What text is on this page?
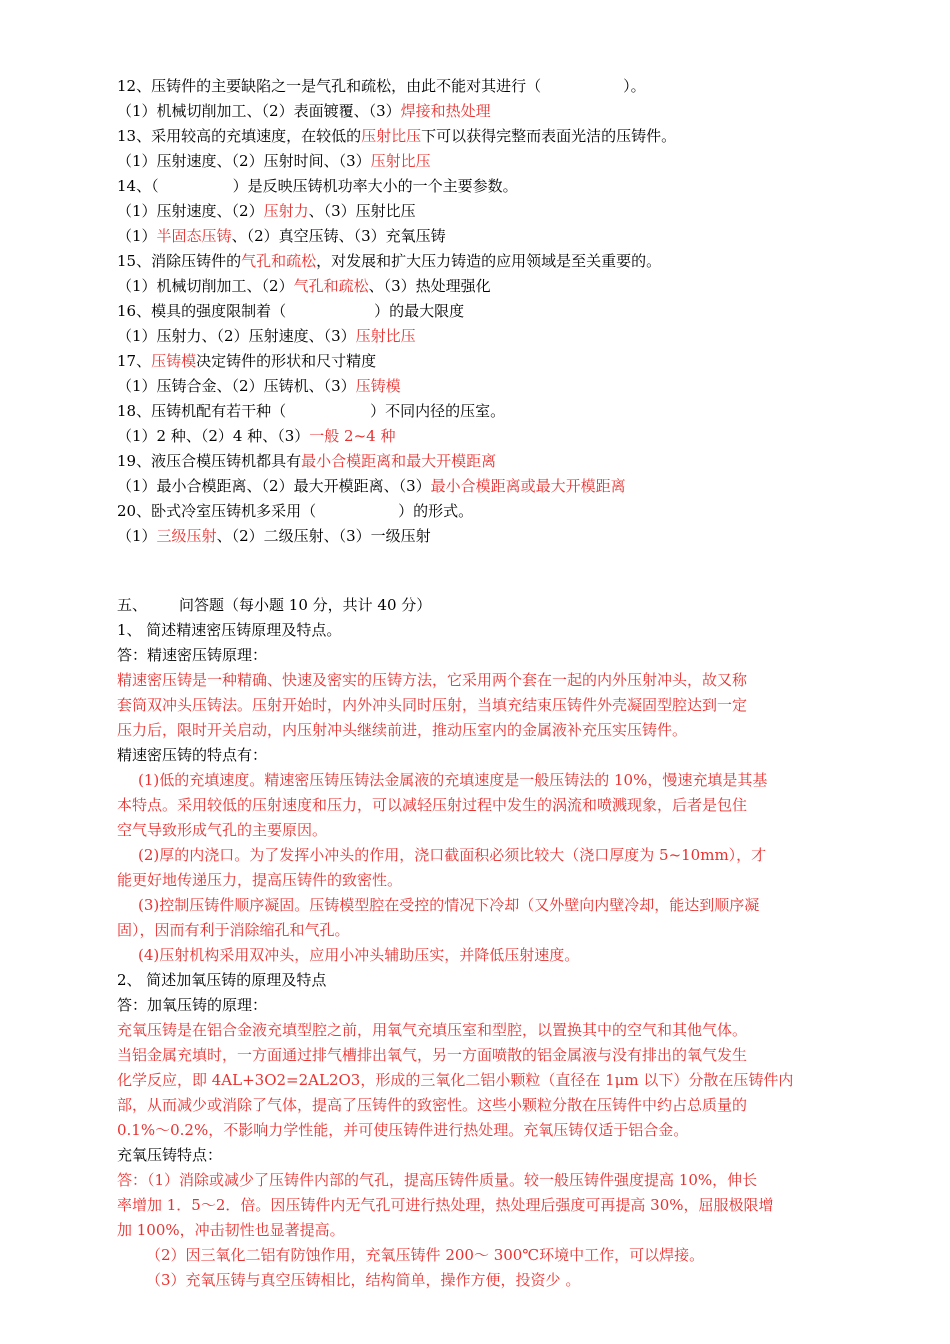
12、压铸件的主要缺陷之一是气孔和疏松，由此不能对其进行（	）。
（1）机械切削加工、（2）表面镀覆、（3）焊接和热处理
13、采用较高的充填速度，在较低的压射比压下可以获得完整而表面光洁的压铸件。
（1）压射速度、（2）压射时间、（3）压射比压
14、（	）是反映压铸机功率大小的一个主要参数。
（1）压射速度、（2）压射力、（3）压射比压
（1）半固态压铸、（2）真空压铸、（3）充氧压铸
15、消除压铸件的气孔和疏松，对发展和扩大压力铸造的应用领域是至关重要的。
（1）机械切削加工、（2）气孔和疏松、（3）热处理强化
16、模具的强度限制着（	）的最大限度
（1）压射力、（2）压射速度、（3）压射比压
17、压铸模决定铸件的形状和尺寸精度
（1）压铸合金、（2）压铸机、（3）压铸模
18、压铸机配有若干种（	）不同内径的压室。
（1）2 种、（2）4 种、（3）一般 2~4 种
19、液压合模压铸机都具有最小合模距离和最大开模距离
（1）最小合模距离、（2）最大开模距离、（3）最小合模距离或最大开模距离
20、卧式冷室压铸机多采用（	）的形式。
（1）三级压射、（2）二级压射、（3）一级压射
五、 问答题（每小题 10 分，共计 40 分）
1、 简述精速密压铸原理及特点。
答：精速密压铸原理：
精速密压铸是一种精确、快速及密实的压铸方法，它采用两个套在一起的内外压射冲头，故又称
套筒双冲头压铸法。压射开始时，内外冲头同时压射，当填充结束压铸件外壳凝固型腔达到一定
压力后，限时开关启动，内压射冲头继续前进，推动压室内的金属液补充压实压铸件。
精速密压铸的特点有：
(1)低的充填速度。精速密压铸压铸法金属液的充填速度是一般压铸法的 10%，慢速充填是其基
本特点。采用较低的压射速度和压力，可以减轻压射过程中发生的涡流和喷溅现象，后者是包住
空气导致形成气孔的主要原因。
(2)厚的内浇口。为了发挥小冲头的作用，浇口截面积必须比较大（浇口厚度为 5~10mm），才
能更好地传递压力，提高压铸件的致密性。
(3)控制压铸件顺序凝固。压铸模型腔在受控的情况下冷却（又外壁向内壁冷却，能达到顺序凝
固），因而有利于消除缩孔和气孔。
(4)压射机构采用双冲头，应用小冲头辅助压实，并降低压射速度。
2、 简述加氧压铸的原理及特点
答：加氧压铸的原理：
充氧压铸是在铝合金液充填型腔之前，用氧气充填压室和型腔，以置换其中的空气和其他气体。
当铝金属充填时，一方面通过排气槽排出氧气，另一方面喷散的铝金属液与没有排出的氧气发生
化学反应，即 4AL+3O2=2AL2O3，形成的三氧化二铝小颗粒（直径在 1μm 以下）分散在压铸件内
部，从而减少或消除了气体，提高了压铸件的致密性。这些小颗粒分散在压铸件中约占总质量的
0.1%～0.2%，不影响力学性能，并可使压铸件进行热处理。充氧压铸仅适于铝合金。
充氧压铸特点：
答：（1）消除或减少了压铸件内部的气孔，提高压铸件质量。较一般压铸件强度提高 10%，伸长
率增加 1．5～2．倍。因压铸件内无气孔可进行热处理，热处理后强度可再提高 30%，屈服极限增
加 100%，冲击韧性也显著提高。
（2）因三氧化二铝有防蚀作用，充氧压铸件 200～ 300℃环境中工作，可以焊接。
（3）充氧压铸与真空压铸相比，结构简单，操作方便，投资少 。
